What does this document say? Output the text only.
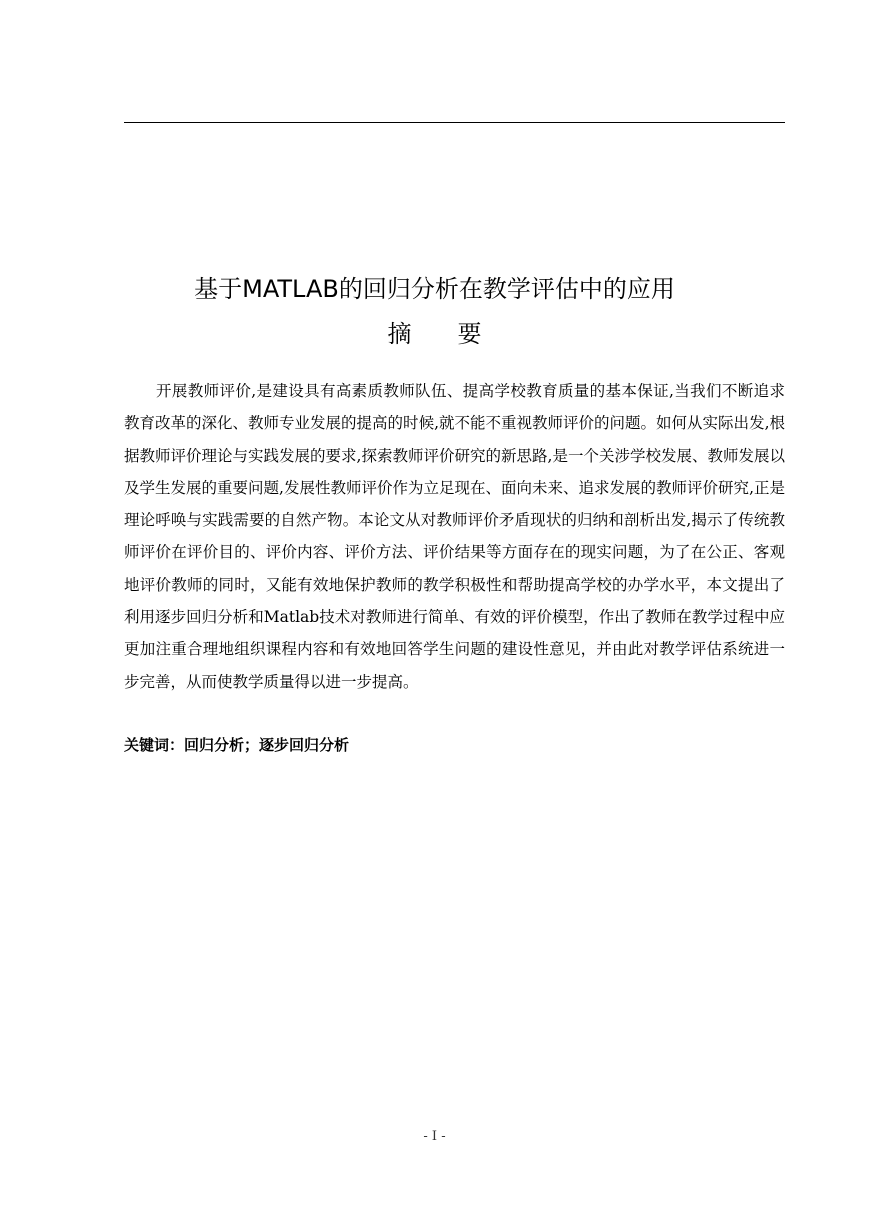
基于MATLAB的回归分析在教学评估中的应用
摘 要

开展教师评价,是建设具有高素质教师队伍、提高学校教育质量的基本保证,当我们不断追求教育改革的深化、教师专业发展的提高的时候,就不能不重视教师评价的问题。如何从实际出发,根据教师评价理论与实践发展的要求,探索教师评价研究的新思路,是一个关涉学校发展、教师发展以及学生发展的重要问题,发展性教师评价作为立足现在、面向未来、追求发展的教师评价研究,正是理论呼唤与实践需要的自然产物。本论文从对教师评价矛盾现状的归纳和剖析出发,揭示了传统教师评价在评价目的、评价内容、评价方法、评价结果等方面存在的现实问题，为了在公正、客观地评价教师的同时，又能有效地保护教师的教学积极性和帮助提高学校的办学水平，本文提出了利用逐步回归分析和Matlab技术对教师进行简单、有效的评价模型，作出了教师在教学过程中应更加注重合理地组织课程内容和有效地回答学生问题的建设性意见，并由此对教学评估系统进一步完善，从而使教学质量得以进一步提高。

关键词：回归分析；逐步回归分析
- I -
